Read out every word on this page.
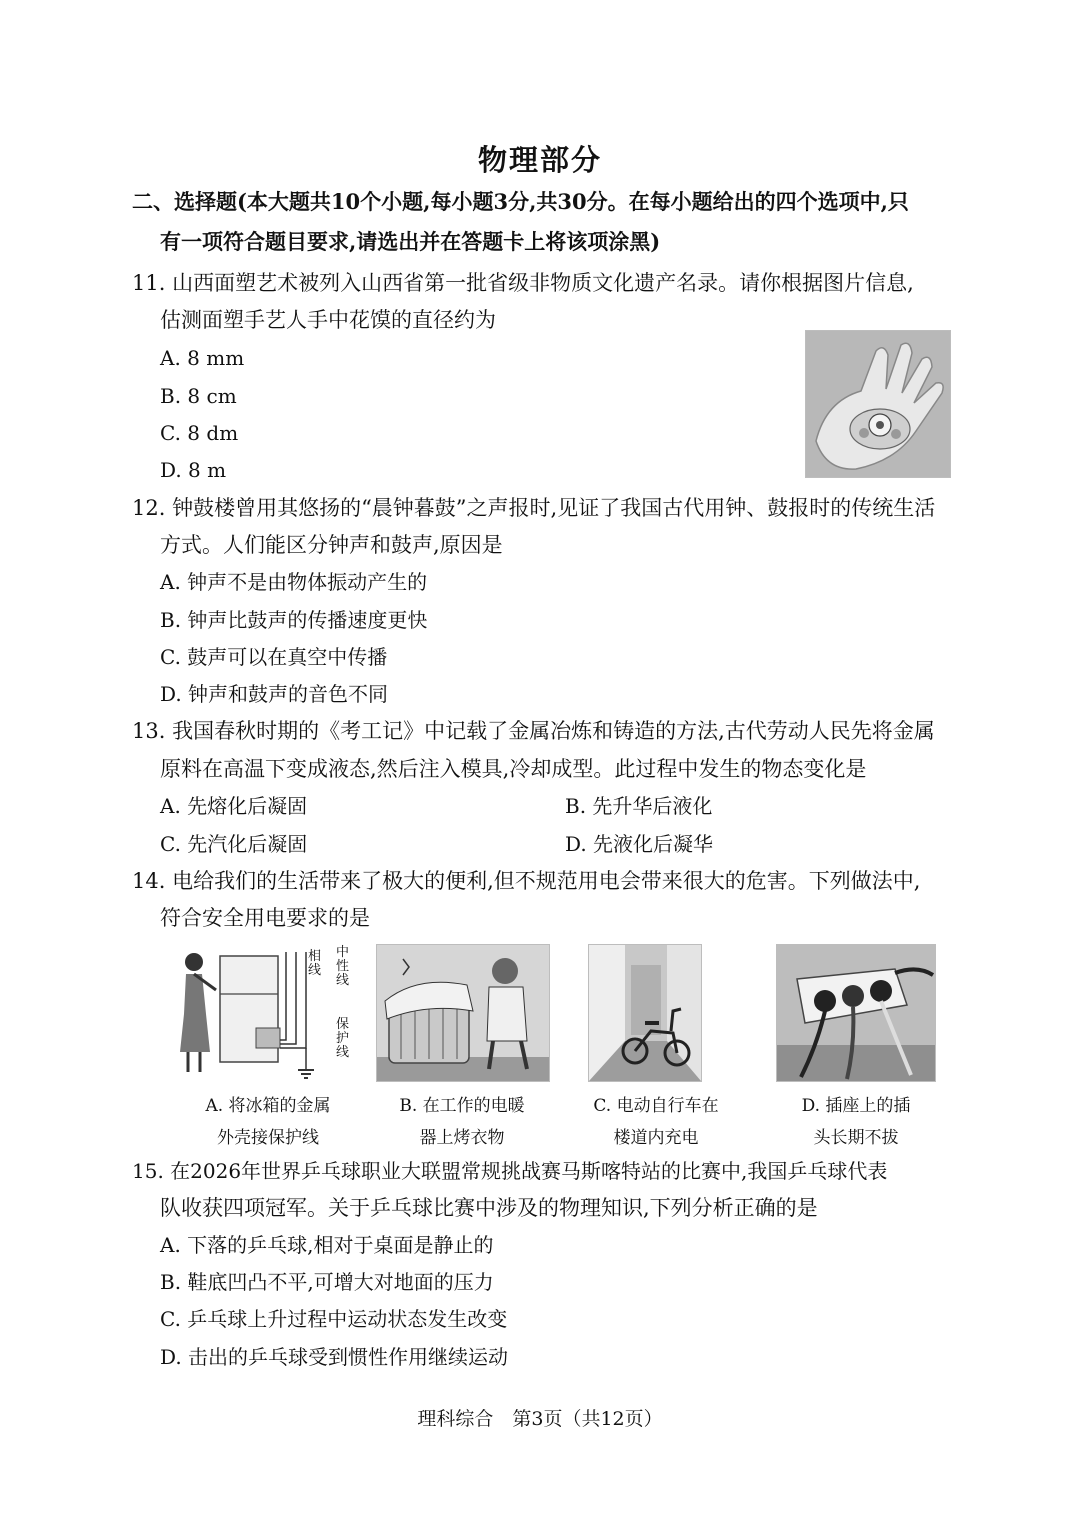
物理部分
二、选择题(本大题共10个小题,每小题3分,共30分。在每小题给出的四个选项中,只
有一项符合题目要求,请选出并在答题卡上将该项涂黑)
11. 山西面塑艺术被列入山西省第一批省级非物质文化遗产名录。请你根据图片信息,
估测面塑手艺人手中花馍的直径约为
A. 8 mm
B. 8 cm
C. 8 dm
D. 8 m
12. 钟鼓楼曾用其悠扬的“晨钟暮鼓”之声报时,见证了我国古代用钟、鼓报时的传统生活
方式。人们能区分钟声和鼓声,原因是
A. 钟声不是由物体振动产生的
B. 钟声比鼓声的传播速度更快
C. 鼓声可以在真空中传播
D. 钟声和鼓声的音色不同
13. 我国春秋时期的《考工记》中记载了金属冶炼和铸造的方法,古代劳动人民先将金属
原料在高温下变成液态,然后注入模具,冷却成型。此过程中发生的物态变化是
A. 先熔化后凝固	B. 先升华后液化
C. 先汽化后凝固	D. 先液化后凝华
14. 电给我们的生活带来了极大的便利,但不规范用电会带来很大的危害。下列做法中,
符合安全用电要求的是
相线
中性线
保护线
A. 将冰箱的金属
外壳接保护线
B. 在工作的电暖
器上烤衣物
C. 电动自行车在
楼道内充电
D. 插座上的插
头长期不拔
15. 在2026年世界乒乓球职业大联盟常规挑战赛马斯喀特站的比赛中,我国乒乓球代表
队收获四项冠军。关于乒乓球比赛中涉及的物理知识,下列分析正确的是
A. 下落的乒乓球,相对于桌面是静止的
B. 鞋底凹凸不平,可增大对地面的压力
C. 乒乓球上升过程中运动状态发生改变
D. 击出的乒乓球受到惯性作用继续运动
理科综合　第3页（共12页）
